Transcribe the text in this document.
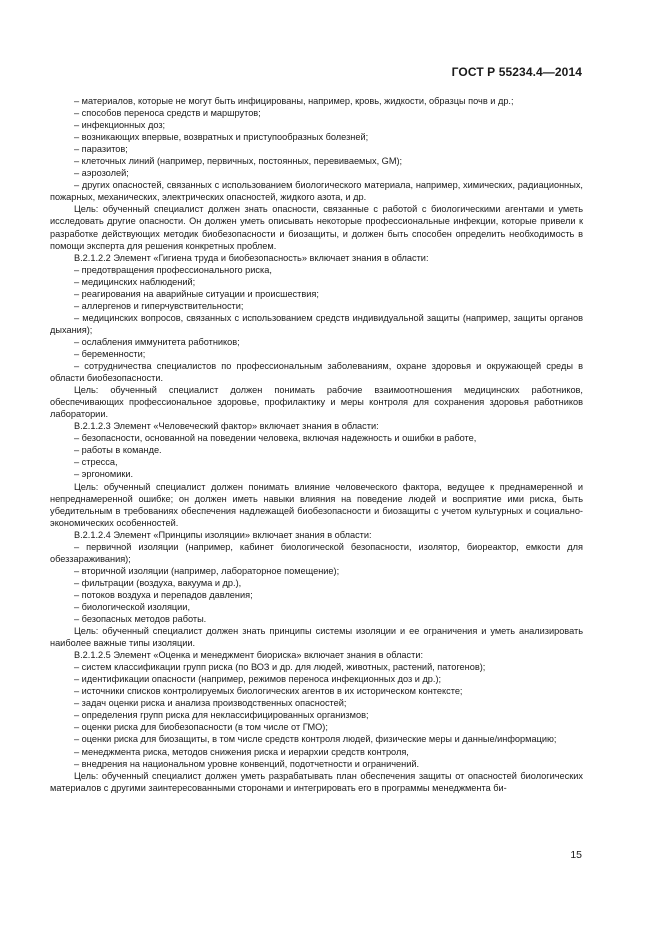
ГОСТ Р 55234.4—2014

– материалов, которые не могут быть инфицированы, например, кровь, жидкости, образцы почв и др.;

– способов переноса средств и маршрутов;

– инфекционных доз;

– возникающих впервые, возвратных и приступообразных болезней;

– паразитов;

– клеточных линий (например, первичных, постоянных, перевиваемых, GM);

– аэрозолей;

– других опасностей, связанных с использованием биологического материала, например, химических, радиационных, пожарных, механических, электрических опасностей, жидкого азота, и др.

Цель: обученный специалист должен знать опасности, связанные с работой с биологическими агентами и уметь исследовать другие опасности. Он должен уметь описывать некоторые профессиональные инфекции, которые привели к разработке действующих методик биобезопасности и биозащиты, и должен быть способен определить необходимость в помощи эксперта для решения конкретных проблем.

В.2.1.2.2 Элемент «Гигиена труда и биобезопасность» включает знания в области:

– предотвращения профессионального риска,

– медицинских наблюдений;

– реагирования на аварийные ситуации и происшествия;

– аллергенов и гиперчувствительности;

– медицинских вопросов, связанных с использованием средств индивидуальной защиты (например, защиты органов дыхания);

– ослабления иммунитета работников;

– беременности;

– сотрудничества специалистов по профессиональным заболеваниям, охране здоровья и окружающей среды в области биобезопасности.

Цель: обученный специалист должен понимать рабочие взаимоотношения медицинских работников, обеспечивающих профессиональное здоровье, профилактику и меры контроля для сохранения здоровья работников лаборатории.

В.2.1.2.3 Элемент «Человеческий фактор» включает знания в области:

– безопасности, основанной на поведении человека, включая надежность и ошибки в работе,

– работы в команде.

– стресса,

– эргономики.

Цель: обученный специалист должен понимать влияние человеческого фактора, ведущее к преднамеренной и непреднамеренной ошибке; он должен иметь навыки влияния на поведение людей и восприятие ими риска, быть убедительным в требованиях обеспечения надлежащей биобезопасности и биозащиты с учетом культурных и социально-экономических особенностей.

В.2.1.2.4 Элемент «Принципы изоляции» включает знания в области:

– первичной изоляции (например, кабинет биологической безопасности, изолятор, биореактор, емкости для обеззараживания);

– вторичной изоляции (например, лабораторное помещение);

– фильтрации (воздуха, вакуума и др.),

– потоков воздуха и перепадов давления;

– биологической изоляции,

– безопасных методов работы.

Цель: обученный специалист должен знать принципы системы изоляции и ее ограничения и уметь анализировать наиболее важные типы изоляции.

В.2.1.2.5 Элемент «Оценка и менеджмент биориска» включает знания в области:

– систем классификации групп риска (по ВОЗ и др. для людей, животных, растений, патогенов);

– идентификации опасности (например, режимов переноса инфекционных доз и др.);

– источники списков контролируемых биологических агентов в их историческом контексте;

– задач оценки риска и анализа производственных опасностей;

– определения групп риска для неклассифицированных организмов;

– оценки риска для биобезопасности (в том числе от ГМО);

– оценки риска для биозащиты, в том числе средств контроля людей, физические меры и данные/информацию;

– менеджмента риска, методов снижения риска и иерархии средств контроля,

– внедрения на национальном уровне конвенций, подотчетности и ограничений.

Цель: обученный специалист должен уметь разрабатывать план обеспечения защиты от опасностей биологических материалов с другими заинтересованными сторонами и интегрировать его в программы менеджмента би-

15
